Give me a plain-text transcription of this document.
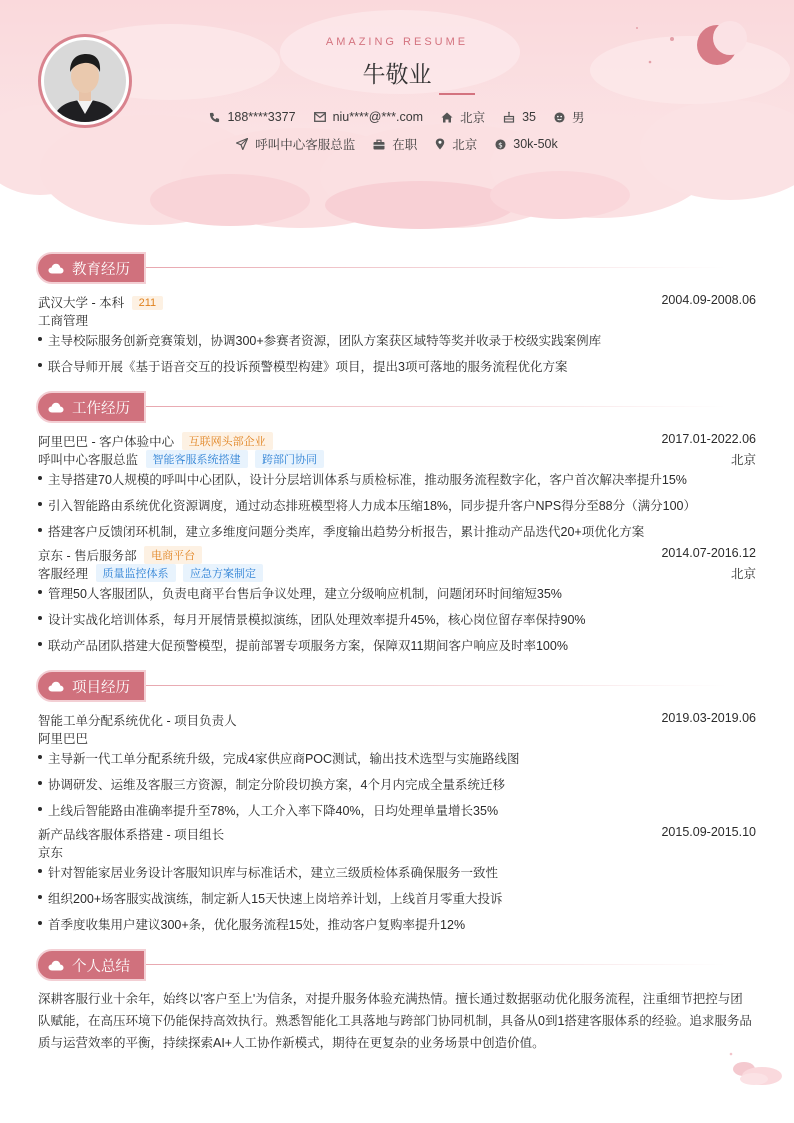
AMAZING RESUME
牛敬业
188****3377	niu****@***.com	北京	35	男
呼叫中心客服总监	在职	北京	$ 30k-50k
教育经历
武汉大学 - 本科 211	2004.09-2008.06
工商管理
主导校际服务创新竞赛策划，协调300+参赛者资源，团队方案获区域特等奖并收录于校级实践案例库
联合导师开展《基于语音交互的投诉预警模型构建》项目，提出3项可落地的服务流程优化方案
工作经历
阿里巴巴 - 客户体验中心 互联网头部企业	2017.01-2022.06
呼叫中心客服总监 智能客服系统搭建 跨部门协同	北京
主导搭建70人规模的呼叫中心团队，设计分层培训体系与质检标准，推动服务流程数字化，客户首次解决率提升15%
引入智能路由系统优化资源调度，通过动态排班模型将人力成本压缩18%，同步提升客户NPS得分至88分（满分100）
搭建客户反馈闭环机制，建立多维度问题分类库，季度输出趋势分析报告，累计推动产品迭代20+项优化方案
京东 - 售后服务部 电商平台	2014.07-2016.12
客服经理 质量监控体系 应急方案制定	北京
管理50人客服团队，负责电商平台售后争议处理，建立分级响应机制，问题闭环时间缩短35%
设计实战化培训体系，每月开展情景模拟演练，团队处理效率提升45%，核心岗位留存率保持90%
联动产品团队搭建大促预警模型，提前部署专项服务方案，保障双11期间客户响应及时率100%
项目经历
智能工单分配系统优化 - 项目负责人	2019.03-2019.06
阿里巴巴
主导新一代工单分配系统升级，完成4家供应商POC测试，输出技术选型与实施路线图
协调研发、运维及客服三方资源，制定分阶段切换方案，4个月内完成全量系统迁移
上线后智能路由准确率提升至78%，人工介入率下降40%，日均处理单量增长35%
新产品线客服体系搭建 - 项目组长	2015.09-2015.10
京东
针对智能家居业务设计客服知识库与标准话术，建立三级质检体系确保服务一致性
组织200+场客服实战演练，制定新人15天快速上岗培养计划，上线首月零重大投诉
首季度收集用户建议300+条，优化服务流程15处，推动客户复购率提升12%
个人总结
深耕客服行业十余年，始终以'客户至上'为信条，对提升服务体验充满热情。擅长通过数据驱动优化服务流程，注重细节把控与团队赋能，在高压环境下仍能保持高效执行。熟悉智能化工具落地与跨部门协同机制，具备从0到1搭建客服体系的经验。追求服务品质与运营效率的平衡，持续探索AI+人工协作新模式，期待在更复杂的业务场景中创造价值。
